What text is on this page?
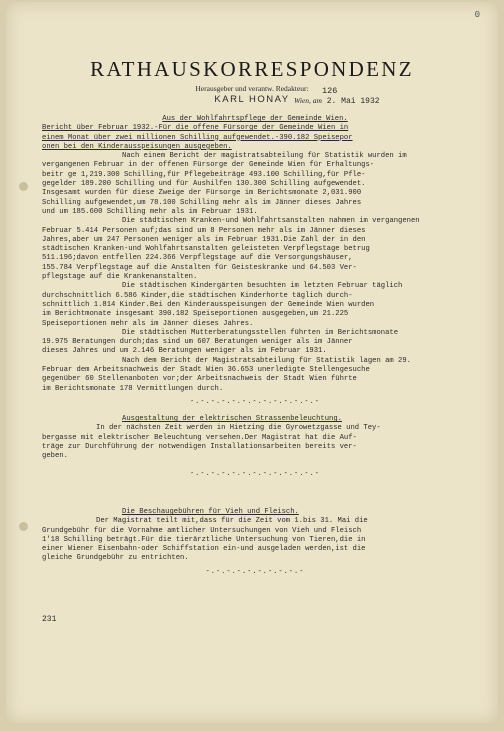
0
RATHAUSKORRESPONDENZ
Herausgeber und verantw. Redakteur:
KARL HONAY
126
Wien, am 2. Mai 1932

Aus der Wohlfahrtspflege der Gemeinde Wien.

Bericht über Februar 1932.-Für die offene Fürsorge der Gemeinde Wien in

einem Monat über zwei millionen Schilling aufgewendet.-390.182 Speisepor

onen bei den Kinderausspeisungen ausgegeben.

Nach einem Bericht der magistratsabteilung für Statistik wurden im

vergangenen Februar in der offenen Fürsorge der Gemeinde Wien für Erhaltungs-

beitr ge 1,219.300 Schilling,für Pflegebeiträge 493.100 Schilling,für Pfle-

gegelder 189.200 Schilling und für Aushilfen 130.300 Schilling aufgewendet.

Insgesamt wurden für diese Zweige der Fürsorge im Berichtsmonate 2,031.900

Schilling aufgewendet,um 78.100 Schilling mehr als im Jänner dieses Jahres

und um 185.600 Schilling mehr als im Februar 1931.

Die städtischen Kranken-und Wohlfahrtsanstalten nahmen im vergangenen

Februar 5.414 Personen auf;das sind um 8 Personen mehr als im Jänner dieses

Jahres,aber um 247 Personen weniger als im Februar 1931.Die Zahl der in den

städtischen Kranken-und Wohlfahrtsanstalten geleisteten Verpflegstage betrug

511.196;davon entfellen 224.366 Verpflegstage auf die Versorgungshäuser,

155.784 Verpflegstage auf die Anstalten für Geisteskranke und 64.503 Ver-

pflegstage auf die Krankenanstalten.

Die städtischen Kindergärten besuchten im letzten Februar täglich

durchschnittlich 6.586 Kinder,die städtischen Kinderhorte täglich durch-

schnittlich 1.814 Kinder.Bei den Kinderausspeisungen der Gemeinde Wien wurden

im Berichtmonate insgesamt 390.182 Speiseportionen ausgegeben,um 21.225

Speiseportionen mehr als im Jänner dieses Jahres.

Die städtischen Mutterberatungsstellen führten im Berichtsmonate

19.975 Beratungen durch;das sind um 607 Beratungen weniger als im Jänner

dieses Jahres und um 2.146 Beratungen weniger als im Februar 1931.

Nach dem Bericht der Magistratsabteilung für Statistik lagen am 29.

Februar dem Arbeitsnachweis der Stadt Wien 36.653 unerledigte Stellengesuche

gegenüber 60 Stellenanboten vor;der Arbeitsnachweis der Stadt Wien führte

im Berichtsmonate 178 Vermittlungen durch.

-.-.-.-.-.-.-.-.-.-.-.-.-

Ausgestaltung der elektrischen Strassenbeleuchtung.

In der nächsten Zeit werden in Hietzing die Gyrowetzgasse und Tey-

bergasse mit elektrischer Beleuchtung versehen.Der Magistrat hat die Auf-

träge zur Durchführung der notwendigen Installationsarbeiten bereits ver-

geben.

-.-.-.-.-.-.-.-.-.-.-.-.-

Die Beschaugebühren für Vieh und Fleisch.

Der Magistrat teilt mit,dass für die Zeit vom 1.bis 31. Mai die

Grundgebühr für die Vornahme amtlicher Untersuchungen von Vieh und Fleisch

1'18 Schilling beträgt.Für die tierärztliche Untersuchung von Tieren,die in

einer Wiener Eisenbahn-oder Schiffstation ein-und ausgeladen werden,ist die

gleiche Grundgebühr zu entrichten.

-.-.-.-.-.-.-.-.-.-

231
